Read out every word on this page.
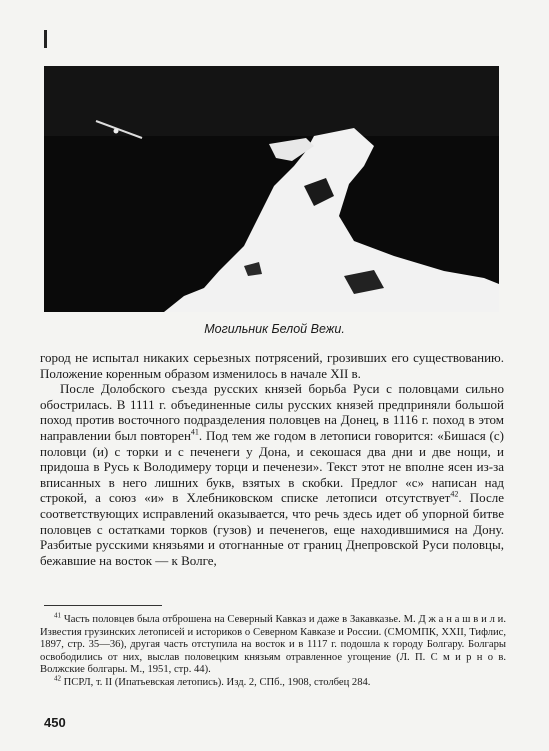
Могильник Белой Вежи.

город не испытал никаких серьезных потрясений, грозивших его существованию. Положение коренным образом изменилось в начале XII в.

После Долобского съезда русских князей борьба Руси с половцами сильно обострилась. В 1111 г. объединенные силы русских князей предприняли большой поход против восточного подразделения половцев на Донец, в 1116 г. поход в этом направлении был повторен$^{41}$. Под тем же годом в летописи говорится: «Бишася (с) половци (и) с торки и с печенеги у Дона, и секошася два дни и две нощи, и придоша в Русь к Володимеру торци и печенези». Текст этот не вполне ясен из-за вписанных в него лишних букв, взятых в скобки. Предлог «с» написан над строкой, а союз «и» в Хлебниковском списке летописи отсутствует$^{42}$. После соответствующих исправлений оказывается, что речь здесь идет об упорной битве половцев с остатками торков (гузов) и печенегов, еще находившимися на Дону. Разбитые русскими князьями и отогнанные от границ Днепровской Руси половцы, бежавшие на восток — к Волге,

$^{41}$ Часть половцев была отброшена на Северный Кавказ и даже в Закавказье. М. Д ж а н а ш в и л и. Известия грузинских летописей и историков о Северном Кавказе и России. (СМОМПК, XXII, Тифлис, 1897, стр. 35—36), другая часть отступила на восток и в 1117 г. подошла к городу Болгару. Болгары освободились от них, выслав половецким князьям отравленное угощение (Л. П. С м и р н о в. Волжские болгары. М., 1951, стр. 44).

$^{42}$ ПСРЛ, т. II (Ипатьевская летопись). Изд. 2, СПб., 1908, столбец 284.

450
